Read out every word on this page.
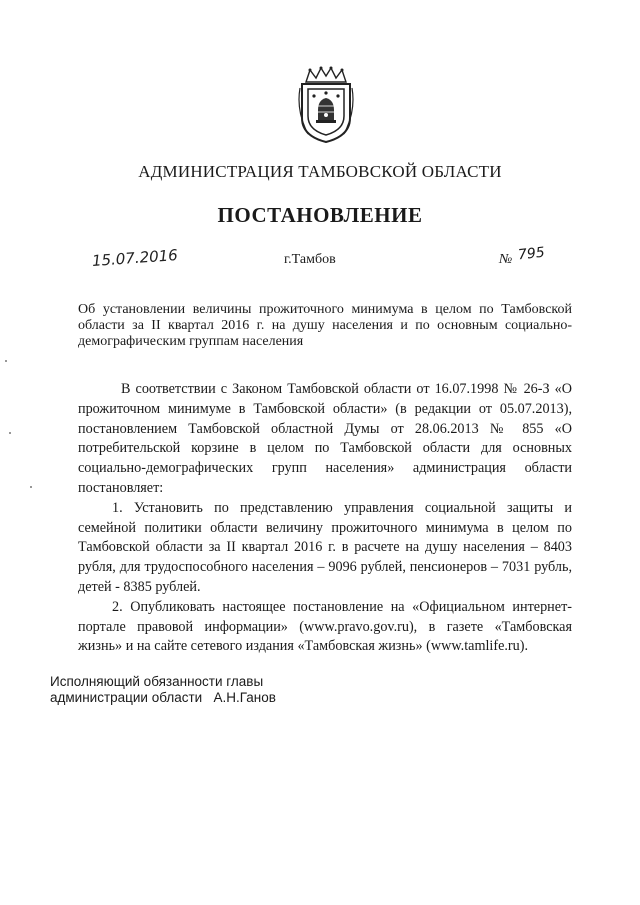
АДМИНИСТРАЦИЯ ТАМБОВСКОЙ ОБЛАСТИ
ПОСТАНОВЛЕНИЕ
15.07.2016	г.Тамбов	№ 795
Об установлении величины прожиточного минимума в целом по Тамбовской области за II квартал 2016 г. на душу населения и по основным социально-демографическим группам населения

В соответствии с Законом Тамбовской области от 16.07.1998 № 26-З «О прожиточном минимуме в Тамбовской области» (в редакции от 05.07.2013), постановлением Тамбовской областной Думы от 28.06.2013 № 855 «О потребительской корзине в целом по Тамбовской области для основных социально-демографических групп населения» администрация области постановляет:

1. Установить по представлению управления социальной защиты и семейной политики области величину прожиточного минимума в целом по Тамбовской области за II квартал 2016 г. в расчете на душу населения – 8403 рубля, для трудоспособного населения – 9096 рублей, пенсионеров – 7031 рубль, детей - 8385 рублей.

2. Опубликовать настоящее постановление на «Официальном интернет-портале правовой информации» (www.pravo.gov.ru), в газете «Тамбовская жизнь» и на сайте сетевого издания «Тамбовская жизнь» (www.tamlife.ru).

Исполняющий обязанности главы
администрации области А.Н.Ганов
